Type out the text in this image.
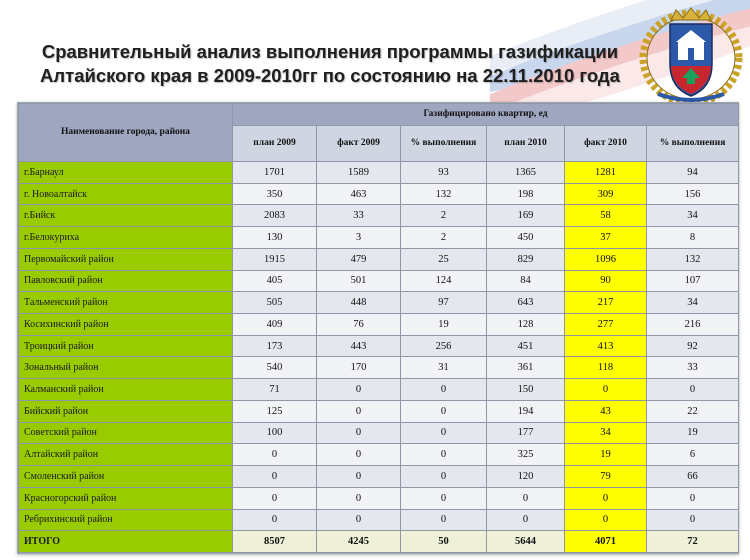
Сравнительный анализ выполнения программы газификации
Алтайского края в 2009-2010гг по состоянию на 22.11.2010 года
Наименование города, района	Газифицировано квартир, ед					
	план 2009	факт 2009	% выполнения	план 2010	факт 2010	% выполнения
г.Барнаул	1701	1589	93	1365	1281	94
г. Новоалтайск	350	463	132	198	309	156
г.Бийск	2083	33	2	169	58	34
г.Белокуриха	130	3	2	450	37	8
Первомайский район	1915	479	25	829	1096	132
Павловский район	405	501	124	84	90	107
Тальменский район	505	448	97	643	217	34
Косихинский район	409	76	19	128	277	216
Троицкий район	173	443	256	451	413	92
Зональный район	540	170	31	361	118	33
Калманский район	71	0	0	150	0	0
Бийский район	125	0	0	194	43	22
Советский район	100	0	0	177	34	19
Алтайский район	0	0	0	325	19	6
Смоленский район	0	0	0	120	79	66
Красногорский район	0	0	0	0	0	0
Ребрихинский район	0	0	0	0	0	0
ИТОГО	8507	4245	50	5644	4071	72
